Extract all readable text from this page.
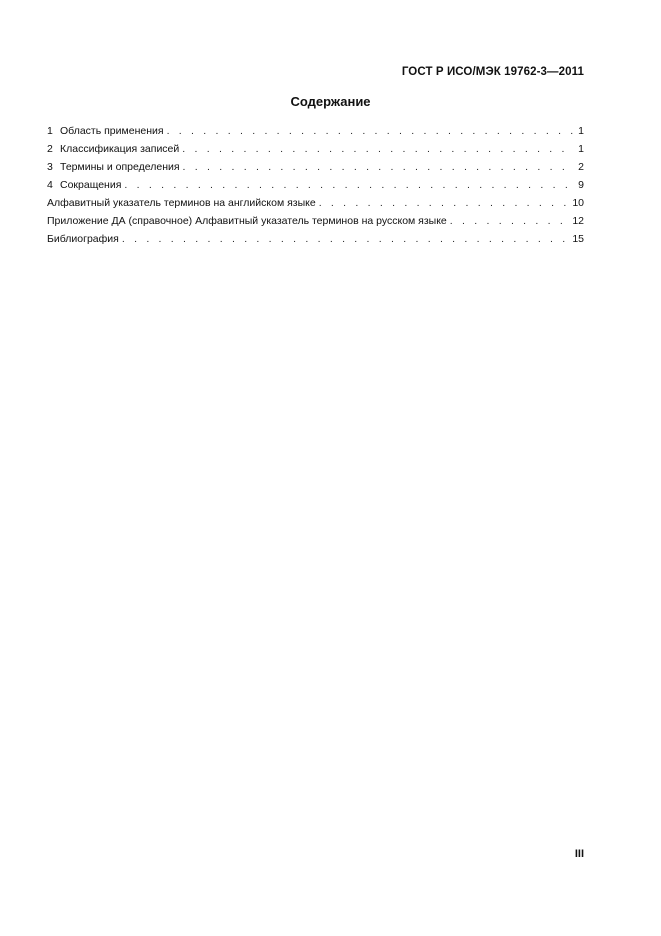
ГОСТ Р ИСО/МЭК 19762-3—2011
Содержание
1 Область применения . . .	1
2 Классификация записей . . .	1
3 Термины и определения . . .	2
4 Сокращения . . .	9
Алфавитный указатель терминов на английском языке . . .	10
Приложение ДА (справочное) Алфавитный указатель терминов на русском языке . . .	12
Библиография . . .	15
III
